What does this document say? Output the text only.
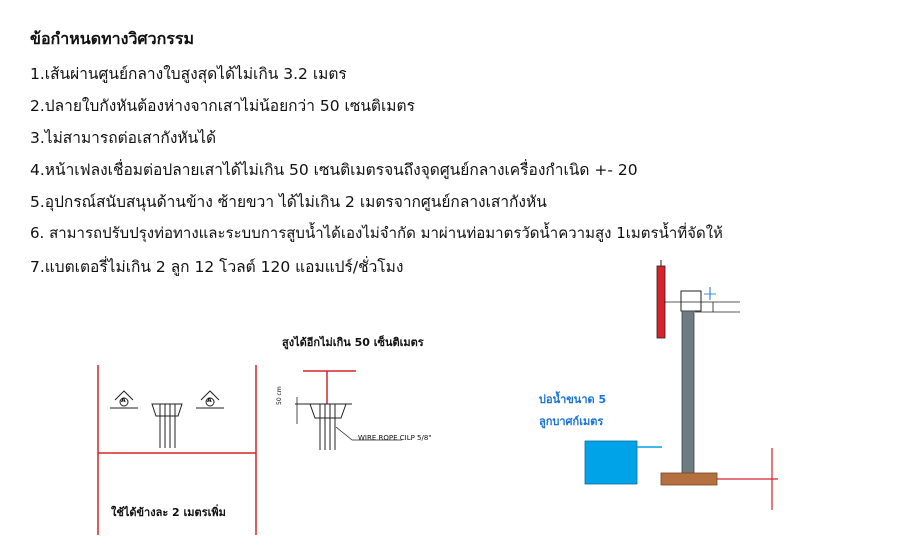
ข้อกำหนดทางวิศวกรรม
1.เส้นผ่านศูนย์กลางใบสูงสุดได้ไม่เกิน 3.2 เมตร
2.ปลายใบกังหันต้องห่างจากเสาไม่น้อยกว่า 50 เซนติเมตร
3.ไม่สามารถต่อเสากังหันได้
4.หน้าเฟลงเชื่อมต่อปลายเสาได้ไม่เกิน 50 เซนติเมตรจนถึงจุดศูนย์กลางเครื่องกำเนิด +- 20
5.อุปกรณ์สนับสนุนด้านข้าง ซ้ายขวา ได้ไม่เกิน 2 เมตรจากศูนย์กลางเสากังหัน
6. สามารถปรับปรุงท่อทางและระบบการสูบน้ำได้เองไม่จำกัด มาผ่านท่อมาตรวัดน้ำความสูง 1เมตรน้ำที่จัดให้
7.แบตเตอรี่ไม่เกิน 2 ลูก 12 โวลต์ 120 แอมแปร์/ชั่วโมง
สูงได้อีกไม่เกิน 50 เซ็นติเมตร
WIRE ROPE CILP 5/8"
50 cm
A	A
ใช้ได้ข้างละ 2 เมตรเพิ่ม
บ่อน้ำขนาด 5
ลูกบาศก์เมตร
